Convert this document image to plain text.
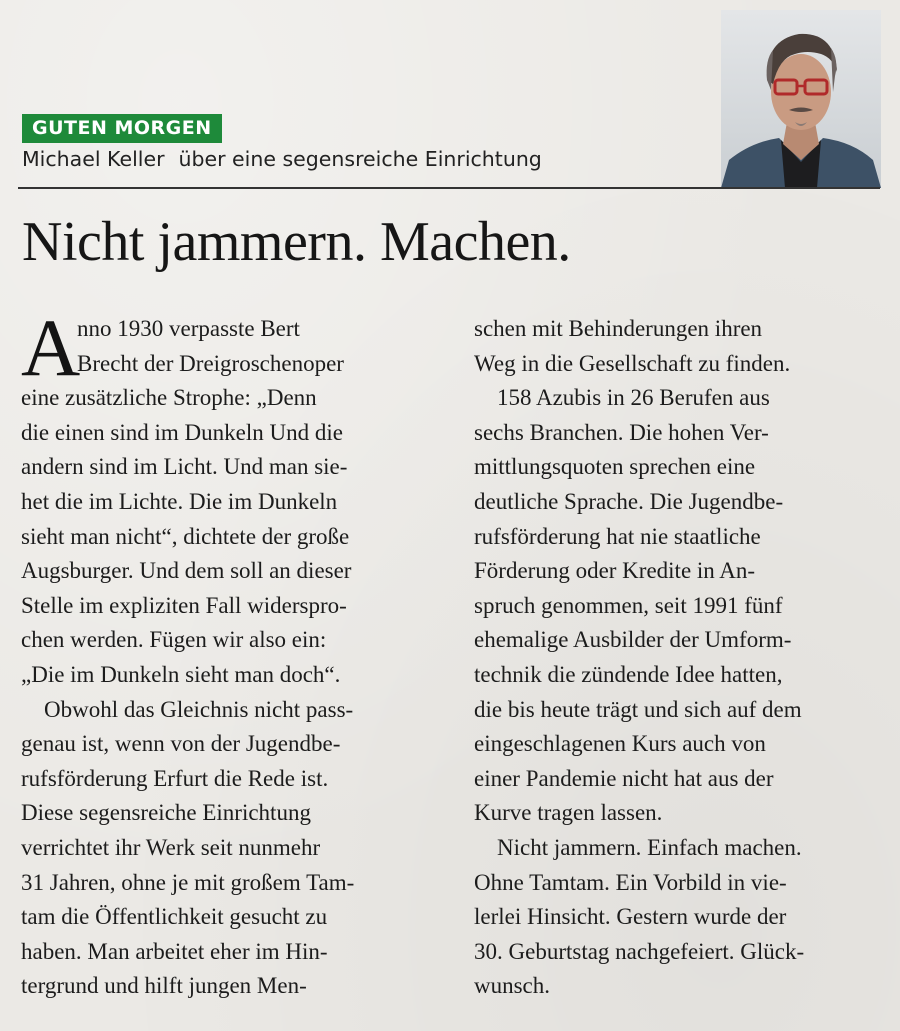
GUTEN MORGEN
Michael Keller über eine segensreiche Einrichtung
Nicht jammern. Machen.
A
nno 1930 verpasste Bert
Brecht der Dreigroschenoper
eine zusätzliche Strophe: „Denn
die einen sind im Dunkeln Und die
andern sind im Licht. Und man sie-
het die im Lichte. Die im Dunkeln
sieht man nicht“, dichtete der große
Augsburger. Und dem soll an dieser
Stelle im expliziten Fall widerspro-
chen werden. Fügen wir also ein:
„Die im Dunkeln sieht man doch“.
Obwohl das Gleichnis nicht pass-
genau ist, wenn von der Jugendbe-
rufsförderung Erfurt die Rede ist.
Diese segensreiche Einrichtung
verrichtet ihr Werk seit nunmehr
31 Jahren, ohne je mit großem Tam-
tam die Öffentlichkeit gesucht zu
haben. Man arbeitet eher im Hin-
tergrund und hilft jungen Men-
schen mit Behinderungen ihren
Weg in die Gesellschaft zu finden.
158 Azubis in 26 Berufen aus
sechs Branchen. Die hohen Ver-
mittlungsquoten sprechen eine
deutliche Sprache. Die Jugendbe-
rufsförderung hat nie staatliche
Förderung oder Kredite in An-
spruch genommen, seit 1991 fünf
ehemalige Ausbilder der Umform-
technik die zündende Idee hatten,
die bis heute trägt und sich auf dem
eingeschlagenen Kurs auch von
einer Pandemie nicht hat aus der
Kurve tragen lassen.
Nicht jammern. Einfach machen.
Ohne Tamtam. Ein Vorbild in vie-
lerlei Hinsicht. Gestern wurde der
30. Geburtstag nachgefeiert. Glück-
wunsch.
